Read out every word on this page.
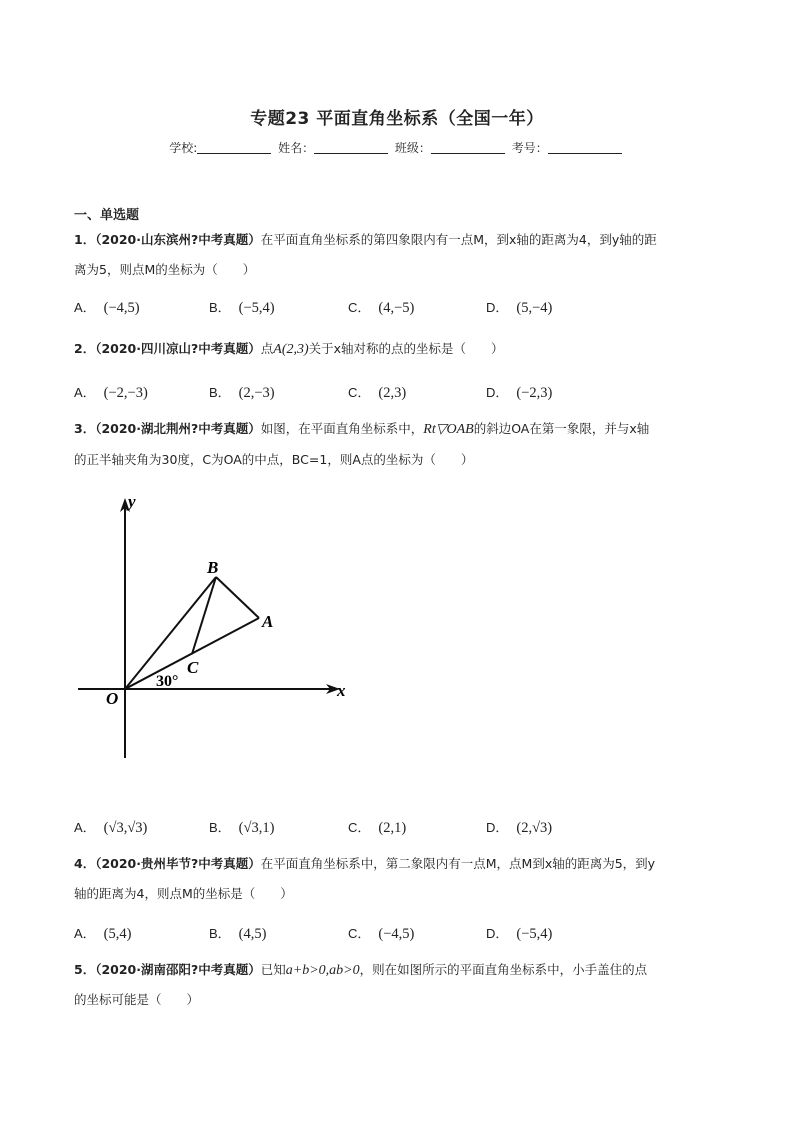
专题23 平面直角坐标系（全国一年）
学校:	姓名：	班级：	考号：
一、单选题
1．（2020·山东滨州?中考真题）在平面直角坐标系的第四象限内有一点M，到x轴的距离为4，到y轴的距
离为5，则点M的坐标为（　　）
A． (−4,5)	B． (−5,4)	C． (4,−5)	D． (5,−4)
2．（2020·四川凉山?中考真题）点A(2,3)关于x轴对称的点的坐标是（　　）
A． (−2,−3)	B． (2,−3)	C． (2,3)	D． (−2,3)
3．（2020·湖北荆州?中考真题）如图，在平面直角坐标系中，Rt▽OAB的斜边OA在第一象限，并与x轴
的正半轴夹角为30度，C为OA的中点，BC=1，则A点的坐标为（　　）
y
x
O
B
A
C
30°
A． (√3,√3)	B． (√3,1)	C． (2,1)	D． (2,√3)
4．（2020·贵州毕节?中考真题）在平面直角坐标系中，第二象限内有一点M，点M到x轴的距离为5，到y
轴的距离为4，则点M的坐标是（　　）
A． (5,4)	B． (4,5)	C． (−4,5)	D． (−5,4)
5．（2020·湖南邵阳?中考真题）已知a+b>0,ab>0，则在如图所示的平面直角坐标系中，小手盖住的点
的坐标可能是（　　）
